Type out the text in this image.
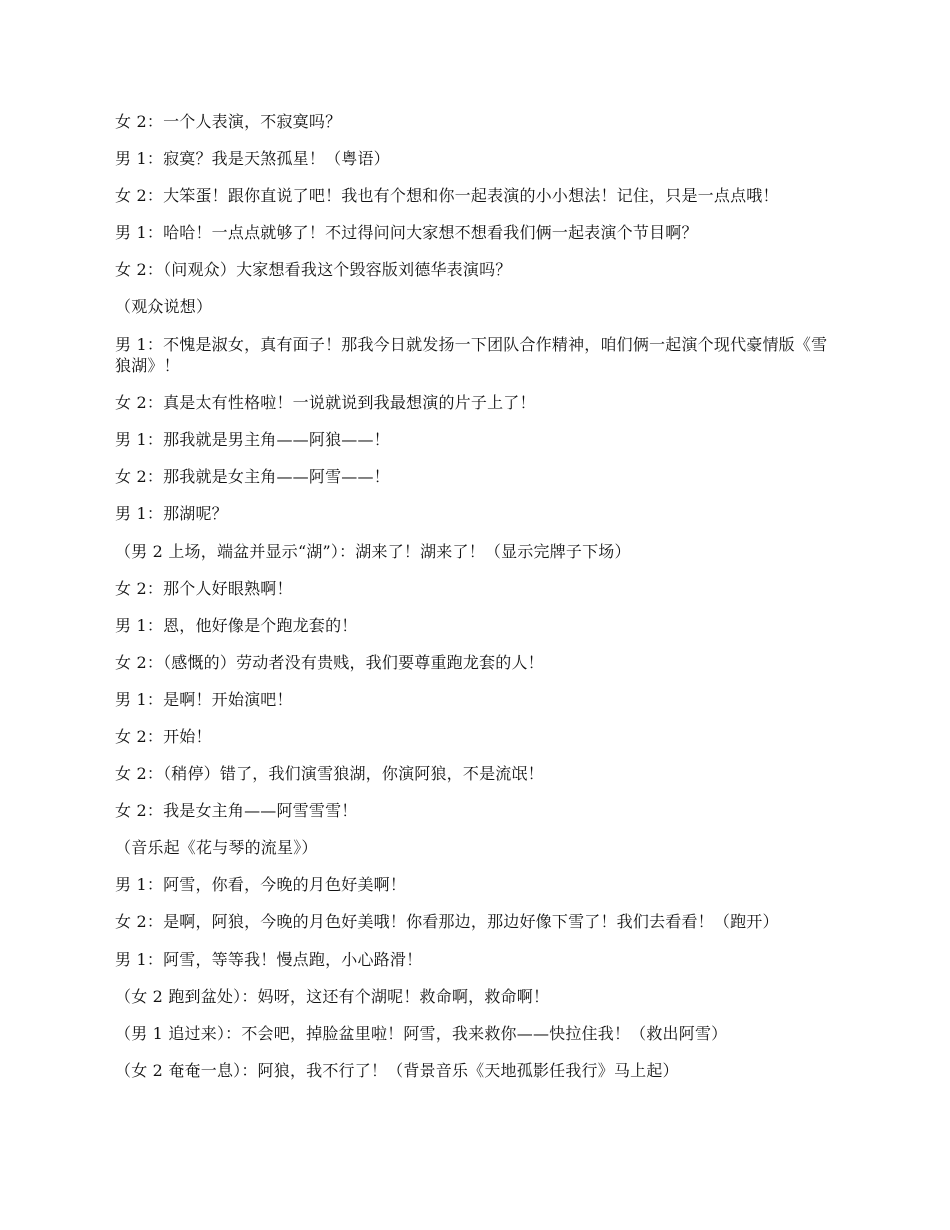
女 2：一个人表演，不寂寞吗？

男 1：寂寞？我是天煞孤星！（粤语）

女 2：大笨蛋！跟你直说了吧！我也有个想和你一起表演的小小想法！记住，只是一点点哦！

男 1：哈哈！一点点就够了！不过得问问大家想不想看我们俩一起表演个节目啊？

女 2：（问观众）大家想看我这个毁容版刘德华表演吗？

（观众说想）

男 1：不愧是淑女，真有面子！那我今日就发扬一下团队合作精神，咱们俩一起演个现代豪情版《雪狼湖》！

女 2：真是太有性格啦！一说就说到我最想演的片子上了！

男 1：那我就是男主角——阿狼——！

女 2：那我就是女主角——阿雪——！

男 1：那湖呢？

（男 2 上场，端盆并显示“湖”）：湖来了！湖来了！（显示完牌子下场）

女 2：那个人好眼熟啊！

男 1：恩，他好像是个跑龙套的！

女 2：（感慨的）劳动者没有贵贱，我们要尊重跑龙套的人！

男 1：是啊！开始演吧！

女 2：开始！

女 2：（稍停）错了，我们演雪狼湖，你演阿狼，不是流氓！

女 2：我是女主角——阿雪雪雪！

（音乐起《花与琴的流星》）

男 1：阿雪，你看，今晚的月色好美啊！

女 2：是啊，阿狼，今晚的月色好美哦！你看那边，那边好像下雪了！我们去看看！（跑开）

男 1：阿雪，等等我！慢点跑，小心路滑！

（女 2 跑到盆处）：妈呀，这还有个湖呢！救命啊，救命啊！

（男 1 追过来）：不会吧，掉脸盆里啦！阿雪，我来救你——快拉住我！（救出阿雪）

（女 2 奄奄一息）：阿狼，我不行了！（背景音乐《天地孤影任我行》马上起）
